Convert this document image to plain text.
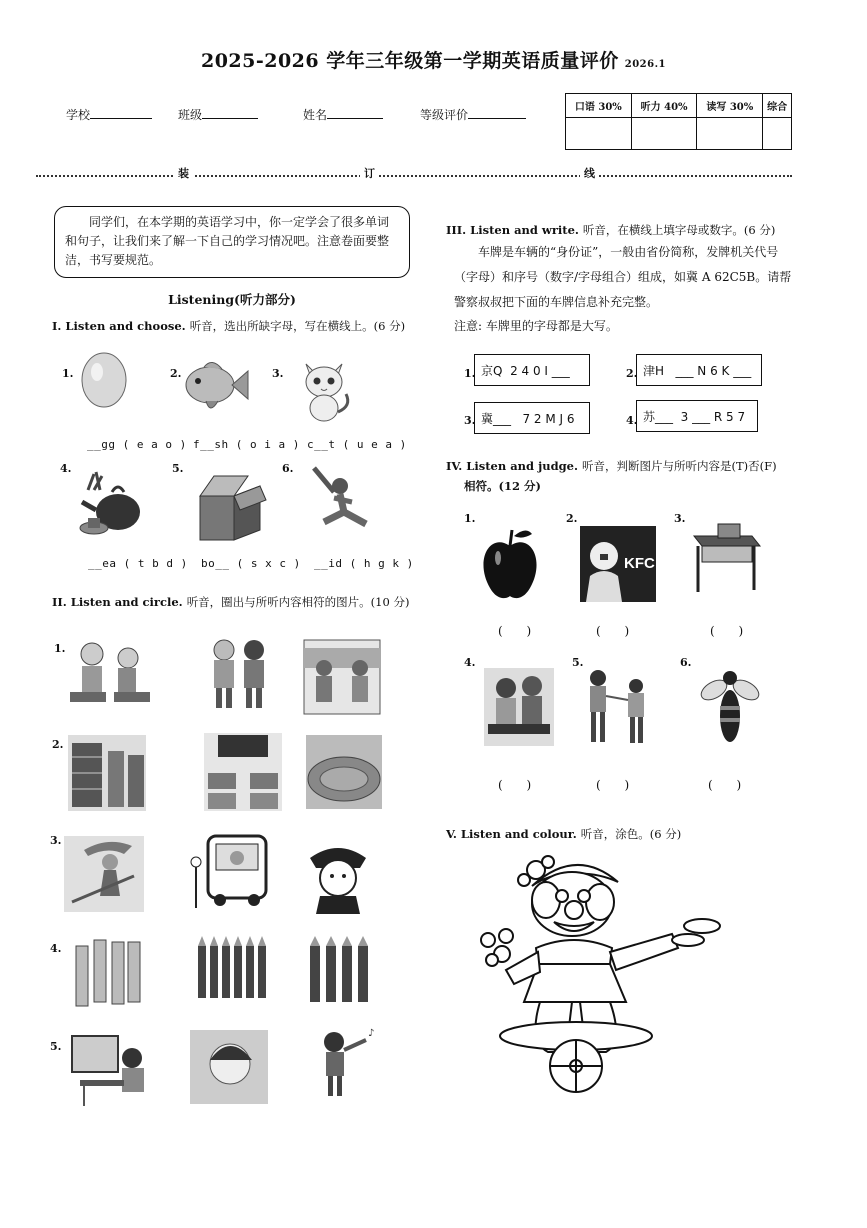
2025-2026 学年三年级第一学期英语质量评价 2026.1
学校	班级	姓名	等级评价
口语 30%	听力 40%	读写 30%	综合

装	订	线
同学们，在本学期的英语学习中，你一定学会了很多单词和句子，让我们来了解一下自己的学习情况吧。注意卷面要整洁，书写要规范。
Listening(听力部分)
I. Listen and choose. 听音，选出所缺字母，写在横线上。(6 分)
1.
__gg ( e a o )
2.
f__sh ( o i a )
3.
c__t ( u e a )
4.
__ea ( t b d )
5.
bo__ ( s x c )
6.
__id ( h g k )
II. Listen and circle. 听音，圈出与所听内容相符的图片。(10 分)
1.
2.
3.
4.
5.
♪
III. Listen and write. 听音，在横线上填字母或数字。(6 分)
车牌是车辆的“身份证”，一般由省份简称，发牌机关代号（字母）和序号（数字/字母组合）组成，如冀 A 62C5B。请帮警察叔叔把下面的车牌信息补充完整。
注意: 车牌里的字母都是大写。
1. 京Q  2 4 0 I ___	2. 津H   ___ N 6 K ___
3. 冀___   7 2 M J 6	4. 苏___  3 ___ R 5 7
IV. Listen and judge. 听音，判断图片与所听内容是(T)否(F)
相符。(12 分)
1.
( )
2.
KFC
( )
3.
( )
4.
( )
5.
( )
6.
( )
V. Listen and colour. 听音，涂色。(6 分)
